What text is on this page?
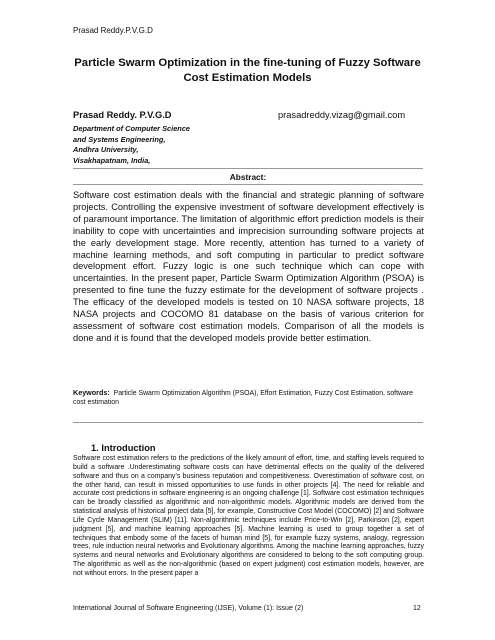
Prasad Reddy.P.V.G.D
Particle Swarm Optimization in the fine-tuning of Fuzzy Software
Cost Estimation Models
Prasad Reddy. P.V.G.D	prasadreddy.vizag@gmail.com
Department of Computer Science
and Systems Engineering,
Andhra University,
Visakhapatnam, India,
Abstract:

Software cost estimation deals with the financial and strategic planning of software projects. Controlling the expensive investment of software development effectively is of paramount importance. The limitation of algorithmic effort prediction models is their inability to cope with uncertainties and imprecision surrounding software projects at the early development stage. More recently, attention has turned to a variety of machine learning methods, and soft computing in particular to predict software development effort. Fuzzy logic is one such technique which can cope with uncertainties. In the present paper, Particle Swarm Optimization Algorithm (PSOA) is presented to fine tune the fuzzy estimate for the development of software projects . The efficacy of the developed models is tested on 10 NASA software projects, 18 NASA projects and COCOMO 81 database on the basis of various criterion for assessment of software cost estimation models. Comparison of all the models is done and it is found that the developed models provide better estimation.

Keywords: Particle Swarm Optimization Algorithm (PSOA), Effort Estimation, Fuzzy Cost Estimation, software cost estimation

1. Introduction

Software cost estimation refers to the predictions of the likely amount of effort, time, and staffing levels required to build a software .Underestimating software costs can have detrimental effects on the quality of the delivered software and thus on a company’s business reputation and competitiveness. Overestimation of software cost, on the other hand, can result in missed opportunities to use funds in other projects [4]. The need for reliable and accurate cost predictions in software engineering is an ongoing challenge [1]. Software cost estimation techniques can be broadly classified as algorithmic and non-algorithmic models. Algorithmic models are derived from the statistical analysis of historical project data [5], for example, Constructive Cost Model (COCOMO) [2] and Software Life Cycle Management (SLIM) [11]. Non-algorithmic techniques include Price-to-Win [2], Parkinson [2], expert judgment [5], and machine learning approaches [5]. Machine learning is used to group together a set of techniques that embody some of the facets of human mind [5], for example fuzzy systems, analogy, regression trees, rule induction neural networks and Evolutionary algorithms. Among the machine learning approaches, fuzzy systems and neural networks and Evolutionary algorithms are considered to belong to the soft computing group. The algorithmic as well as the non-algorithmic (based on expert judgment) cost estimation models, however, are not without errors. In the present paper a

International Journal of Software Engineering (IJSE), Volume (1): Issue (2)	12
